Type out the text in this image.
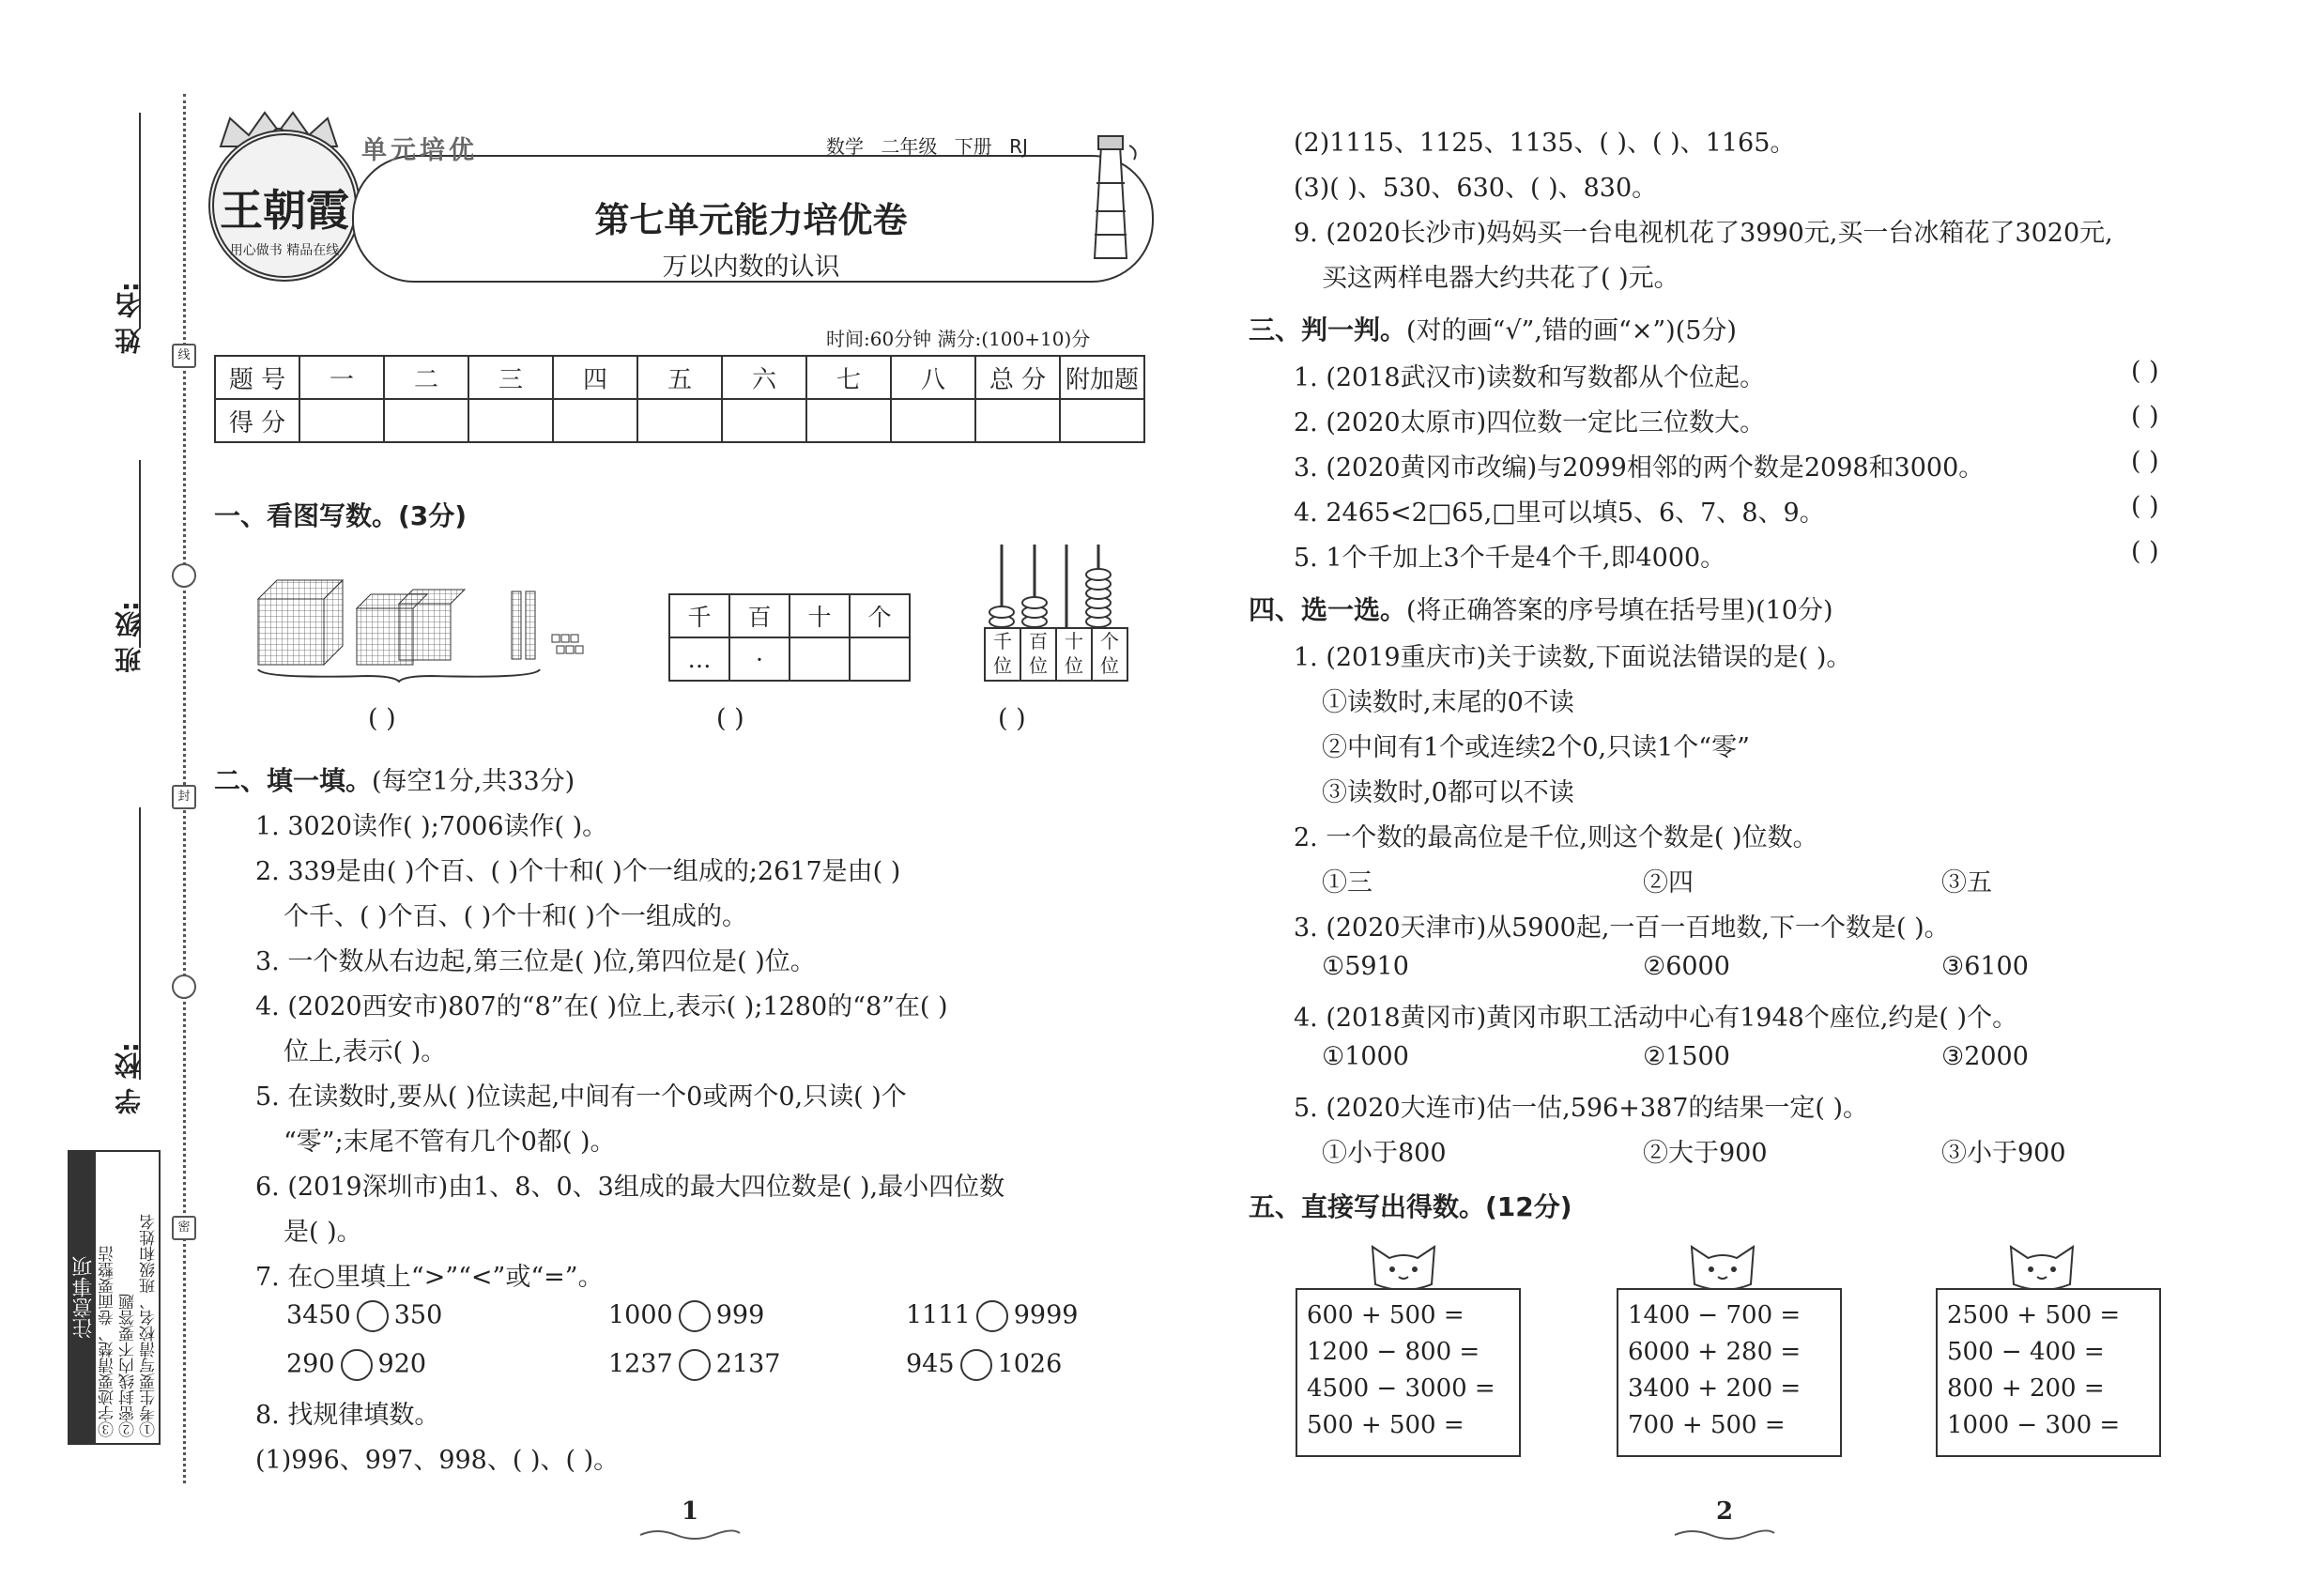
姓 名:
班 级:
学 校:
线
封
密
注意事项	①考生要写清校名、班级和姓名
②密封线内不要答题
③字迹要清楚、卷面要整洁
王朝霞
用心做书 精品在线
单元培优	数学 二年级 下册 RJ
第七单元能力培优卷
万以内数的认识
时间:60分钟 满分:(100+10)分
题 号	一	二	三	四	五	六	七	八	总 分	附加题
得 分										
一、看图写数。(3分)
千	百	十	个
…	·		
千位
百位
十位
个位
( )	( )	( )
二、填一填。(每空1分,共33分)
1. 3020读作( );7006读作( )。
2. 339是由( )个百、( )个十和( )个一组成的;2617是由( )
个千、( )个百、( )个十和( )个一组成的。
3. 一个数从右边起,第三位是( )位,第四位是( )位。
4. (2020西安市)807的“8”在( )位上,表示( );1280的“8”在( )
位上,表示( )。
5. 在读数时,要从( )位读起,中间有一个0或两个0,只读( )个
“零”;末尾不管有几个0都( )。
6. (2019深圳市)由1、8、0、3组成的最大四位数是( ),最小四位数
是( )。
7. 在○里填上“>”“<”或“=”。
3450 350	1000 999	1111 9999
290 920	1237 2137	945 1026
8. 找规律填数。
(1)996、997、998、( )、( )。
(2)1115、1125、1135、( )、( )、1165。
(3)( )、530、630、( )、830。
9. (2020长沙市)妈妈买一台电视机花了3990元,买一台冰箱花了3020元,
买这两样电器大约共花了( )元。
三、判一判。(对的画“√”,错的画“×”)(5分)
1. (2018武汉市)读数和写数都从个位起。	( )
2. (2020太原市)四位数一定比三位数大。	( )
3. (2020黄冈市改编)与2099相邻的两个数是2098和3000。	( )
4. 2465<2□65,□里可以填5、6、7、8、9。	( )
5. 1个千加上3个千是4个千,即4000。	( )
四、选一选。(将正确答案的序号填在括号里)(10分)
1. (2019重庆市)关于读数,下面说法错误的是( )。
①读数时,末尾的0不读
②中间有1个或连续2个0,只读1个“零”
③读数时,0都可以不读
2. 一个数的最高位是千位,则这个数是( )位数。
①三	②四	③五
3. (2020天津市)从5900起,一百一百地数,下一个数是( )。
①5910	②6000	③6100
4. (2018黄冈市)黄冈市职工活动中心有1948个座位,约是( )个。
①1000	②1500	③2000
5. (2020大连市)估一估,596+387的结果一定( )。
①小于800	②大于900	③小于900
五、直接写出得数。(12分)
600 + 500 =
1200 − 800 =
4500 − 3000 =
500 + 500 =
1400 − 700 =
6000 + 280 =
3400 + 200 =
700 + 500 =
2500 + 500 =
500 − 400 =
800 + 200 =
1000 − 300 =
1	2
